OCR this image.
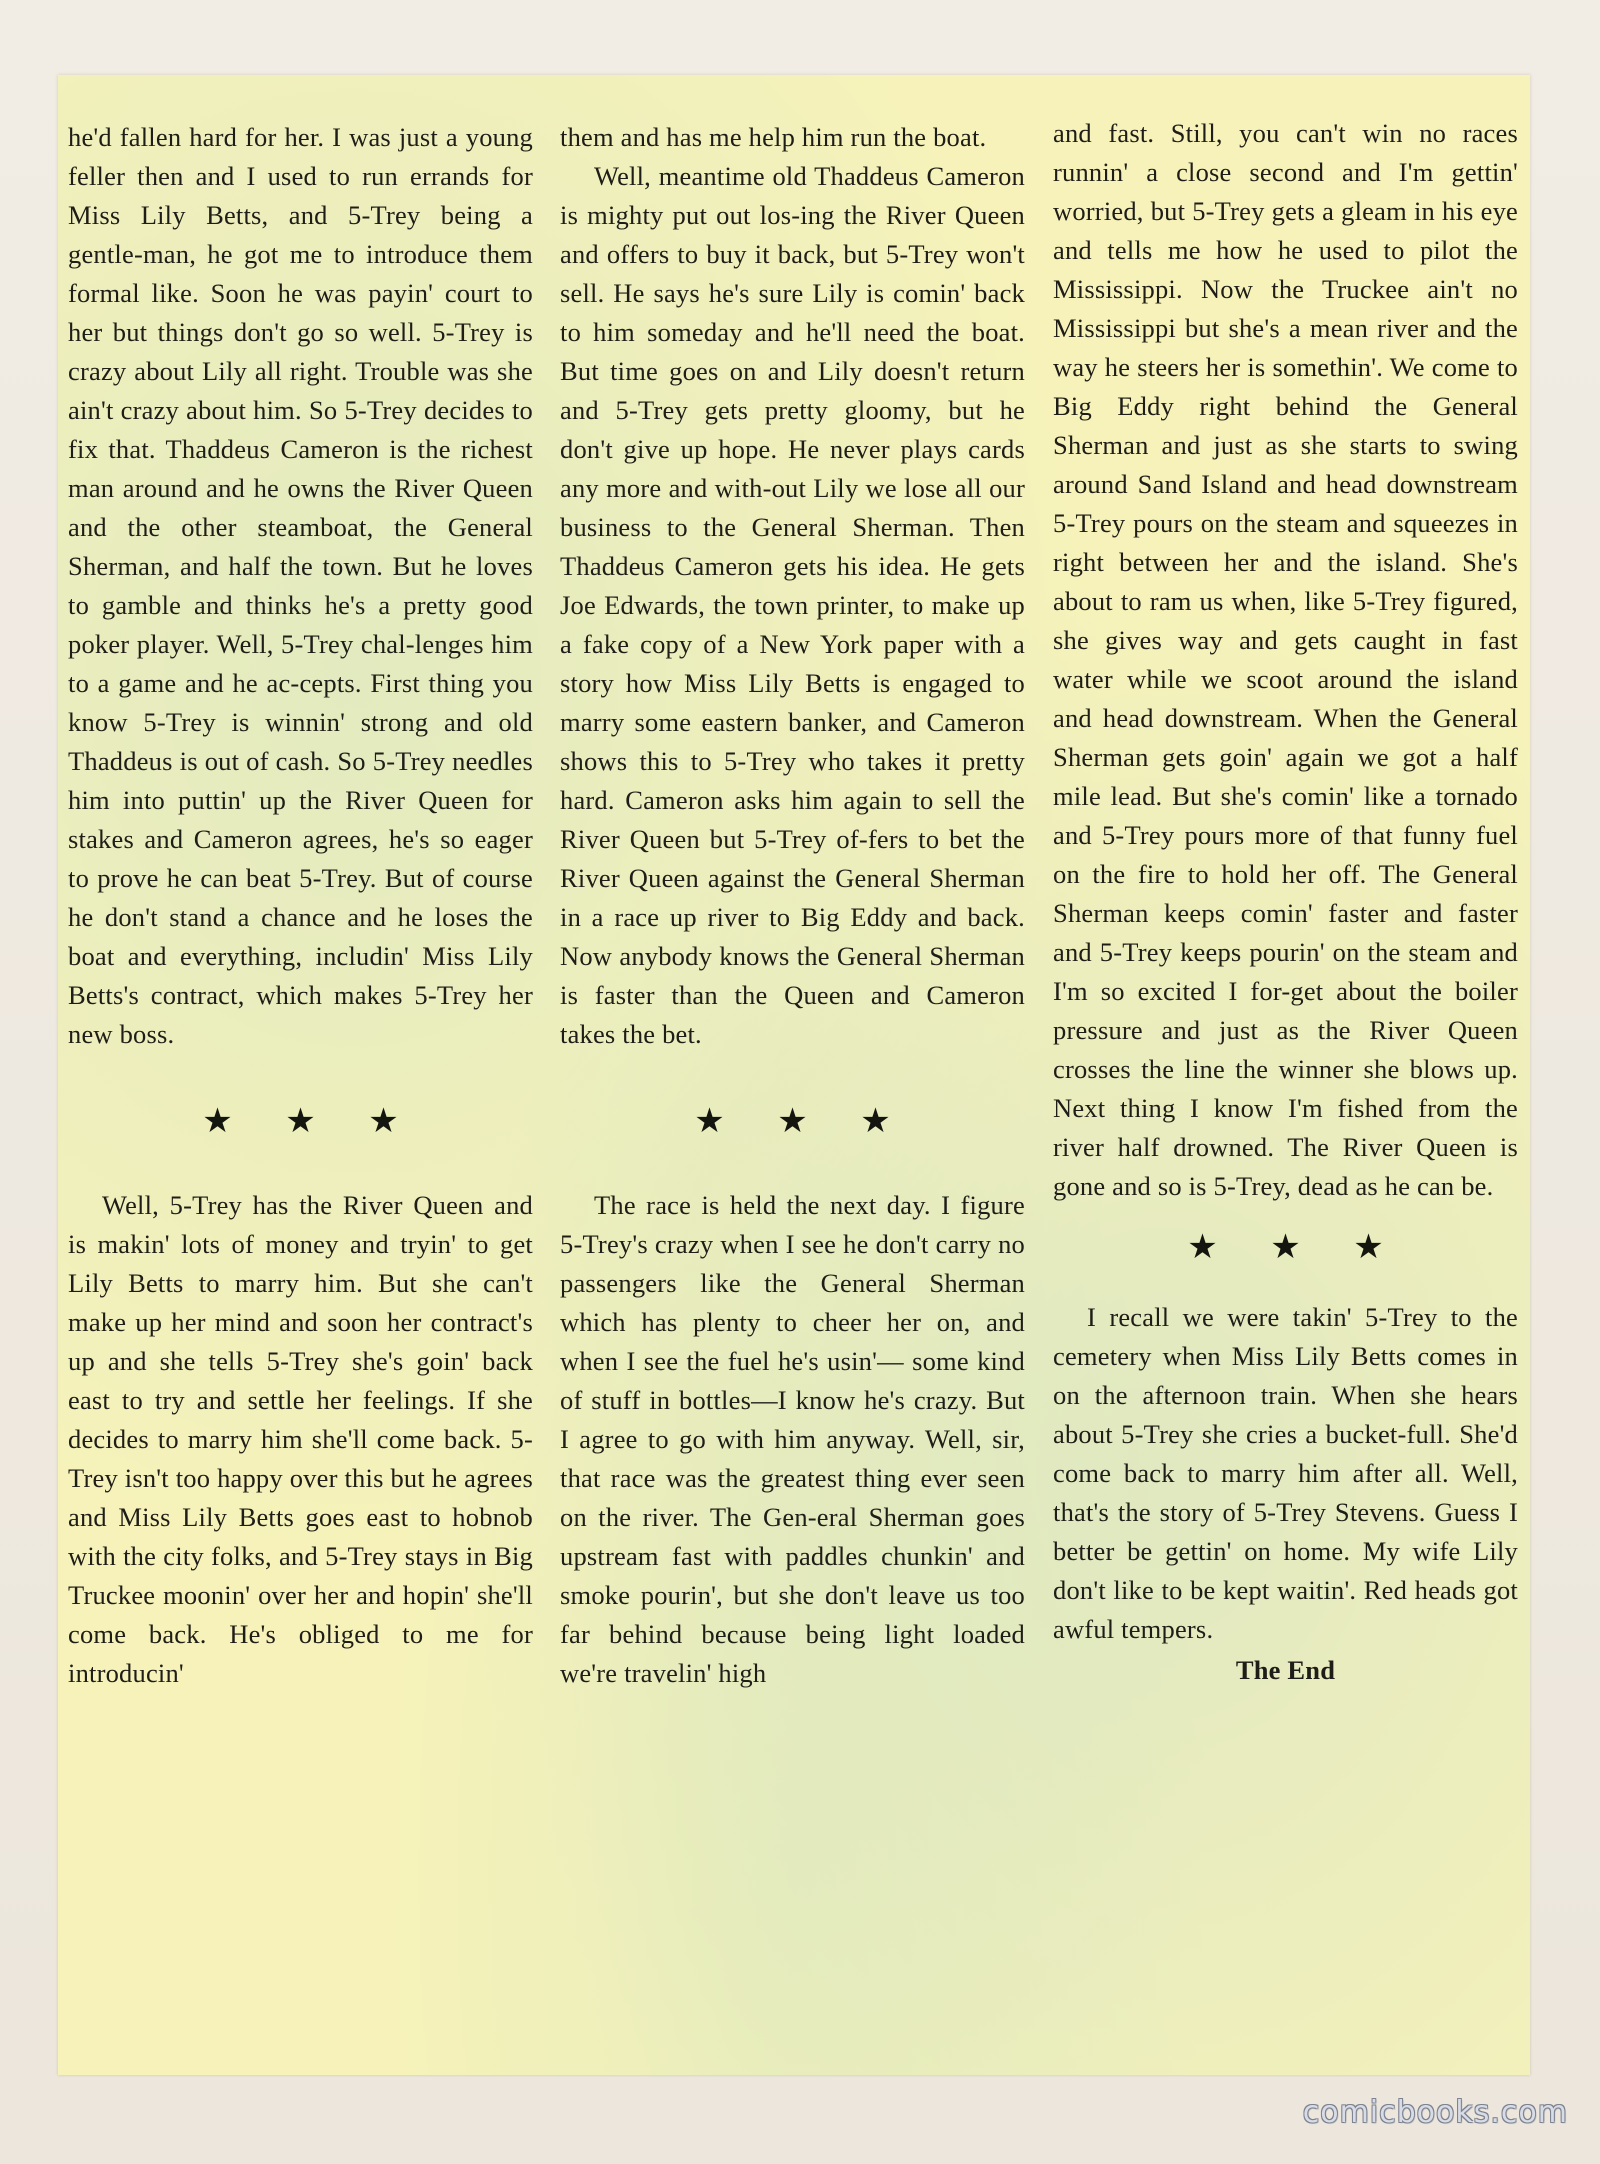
he'd fallen hard for her. I was just a young feller then and I used to run errands for Miss Lily Betts, and 5-Trey being a gentle-man, he got me to introduce them formal like. Soon he was payin' court to her but things don't go so well. 5-Trey is crazy about Lily all right. Trouble was she ain't crazy about him. So 5-Trey decides to fix that. Thaddeus Cameron is the richest man around and he owns the River Queen and the other steamboat, the General Sherman, and half the town. But he loves to gamble and thinks he's a pretty good poker player. Well, 5-Trey chal-lenges him to a game and he ac-cepts. First thing you know 5-Trey is winnin' strong and old Thaddeus is out of cash. So 5-Trey needles him into puttin' up the River Queen for stakes and Cameron agrees, he's so eager to prove he can beat 5-Trey. But of course he don't stand a chance and he loses the boat and everything, includin' Miss Lily Betts's contract, which makes 5-Trey her new boss.

★ ★ ★

Well, 5-Trey has the River Queen and is makin' lots of money and tryin' to get Lily Betts to marry him. But she can't make up her mind and soon her contract's up and she tells 5-Trey she's goin' back east to try and settle her feelings. If she decides to marry him she'll come back. 5-Trey isn't too happy over this but he agrees and Miss Lily Betts goes east to hobnob with the city folks, and 5-Trey stays in Big Truckee moonin' over her and hopin' she'll come back. He's obliged to me for introducin'

them and has me help him run the boat.

Well, meantime old Thaddeus Cameron is mighty put out los-ing the River Queen and offers to buy it back, but 5-Trey won't sell. He says he's sure Lily is comin' back to him someday and he'll need the boat. But time goes on and Lily doesn't return and 5-Trey gets pretty gloomy, but he don't give up hope. He never plays cards any more and with-out Lily we lose all our business to the General Sherman. Then Thaddeus Cameron gets his idea. He gets Joe Edwards, the town printer, to make up a fake copy of a New York paper with a story how Miss Lily Betts is engaged to marry some eastern banker, and Cameron shows this to 5-Trey who takes it pretty hard. Cameron asks him again to sell the River Queen but 5-Trey of-fers to bet the River Queen against the General Sherman in a race up river to Big Eddy and back. Now anybody knows the General Sherman is faster than the Queen and Cameron takes the bet.

★ ★ ★

The race is held the next day. I figure 5-Trey's crazy when I see he don't carry no passengers like the General Sherman which has plenty to cheer her on, and when I see the fuel he's usin'— some kind of stuff in bottles—I know he's crazy. But I agree to go with him anyway. Well, sir, that race was the greatest thing ever seen on the river. The Gen-eral Sherman goes upstream fast with paddles chunkin' and smoke pourin', but she don't leave us too far behind because being light loaded we're travelin' high

and fast. Still, you can't win no races runnin' a close second and I'm gettin' worried, but 5-Trey gets a gleam in his eye and tells me how he used to pilot the Mississippi. Now the Truckee ain't no Mississippi but she's a mean river and the way he steers her is somethin'. We come to Big Eddy right behind the General Sherman and just as she starts to swing around Sand Island and head downstream 5-Trey pours on the steam and squeezes in right between her and the island. She's about to ram us when, like 5-Trey figured, she gives way and gets caught in fast water while we scoot around the island and head downstream. When the General Sherman gets goin' again we got a half mile lead. But she's comin' like a tornado and 5-Trey pours more of that funny fuel on the fire to hold her off. The General Sherman keeps comin' faster and faster and 5-Trey keeps pourin' on the steam and I'm so excited I for-get about the boiler pressure and just as the River Queen crosses the line the winner she blows up. Next thing I know I'm fished from the river half drowned. The River Queen is gone and so is 5-Trey, dead as he can be.

★ ★ ★

I recall we were takin' 5-Trey to the cemetery when Miss Lily Betts comes in on the afternoon train. When she hears about 5-Trey she cries a bucket-full. She'd come back to marry him after all. Well, that's the story of 5-Trey Stevens. Guess I better be gettin' on home. My wife Lily don't like to be kept waitin'. Red heads got awful tempers.

The End
comicbooks.com
